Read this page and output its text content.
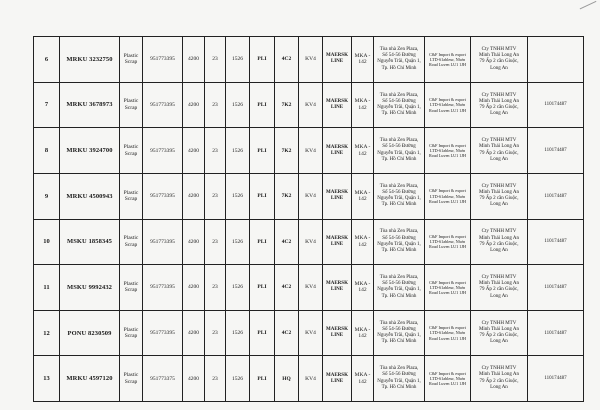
6	MRKU 3232750	Plastic
Scrap	951773395	4200	23	1526	PLI	4C2	KV4	MAERSK
LINE	MKA -
142	Tòa nhà Zen Plaza,
Số 54-56 Đường
Nguyễn Trãi, Quận 1,
Tp. Hồ Chí Minh	C&F Import & export
LTD-61ableur, Nhơn
Road Luven LU1 1JH	Cty TNHH MTV
Minh Thái Long An
79 Ấp 2 cần Giuộc,
Long An	
7	MRKU 3678973	Plastic
Scrap	951773395	4200	23	1526	PLI	7K2	KV4	MAERSK
LINE	MKA -
142	Tòa nhà Zen Plaza,
Số 54-56 Đường
Nguyễn Trãi, Quận 1,
Tp. Hồ Chí Minh	C&F Import & export
LTD-61ableur, Nhơn
Road Luven LU1 1JH	Cty TNHH MTV
Minh Thái Long An
79 Ấp 2 cần Giuộc,
Long An	110174487
8	MRKU 3924700	Plastic
Scrap	951773395	4200	23	1526	PLI	7K2	KV4	MAERSK
LINE	MKA -
142	Tòa nhà Zen Plaza,
Số 54-56 Đường
Nguyễn Trãi, Quận 1,
Tp. Hồ Chí Minh	C&F Import & export
LTD-61ableur, Nhơn
Road Luven LU1 1JH	Cty TNHH MTV
Minh Thái Long An
79 Ấp 2 cần Giuộc,
Long An	110174487
9	MRKU 4500943	Plastic
Scrap	951773395	4200	23	1526	PLI	7K2	KV4	MAERSK
LINE	MKA -
142	Tòa nhà Zen Plaza,
Số 54-56 Đường
Nguyễn Trãi, Quận 1,
Tp. Hồ Chí Minh	C&F Import & export
LTD-61ableur, Nhơn
Road Luven LU1 1JH	Cty TNHH MTV
Minh Thái Long An
79 Ấp 2 cần Giuộc,
Long An	110174487
10	MSKU 1858345	Plastic
Scrap	951773395	4200	23	1526	PLI	4C2	KV4	MAERSK
LINE	MKA -
142	Tòa nhà Zen Plaza,
Số 54-56 Đường
Nguyễn Trãi, Quận 1,
Tp. Hồ Chí Minh	C&F Import & export
LTD-61ableur, Nhơn
Road Luven LU1 1JH	Cty TNHH MTV
Minh Thái Long An
79 Ấp 2 cần Giuộc,
Long An	110174487
11	MSKU 9992432	Plastic
Scrap	951773395	4200	23	1526	PLI	4C2	KV4	MAERSK
LINE	MKA -
142	Tòa nhà Zen Plaza,
Số 54-56 Đường
Nguyễn Trãi, Quận 1,
Tp. Hồ Chí Minh	C&F Import & export
LTD-61ableur, Nhơn
Road Luven LU1 1JH	Cty TNHH MTV
Minh Thái Long An
79 Ấp 2 cần Giuộc,
Long An	110174487
12	PONU 8230509	Plastic
Scrap	951773395	4200	23	1526	PLI	4C2	KV4	MAERSK
LINE	MKA -
142	Tòa nhà Zen Plaza,
Số 54-56 Đường
Nguyễn Trãi, Quận 1,
Tp. Hồ Chí Minh	C&F Import & export
LTD-61ableur, Nhơn
Road Luven LU1 1JH	Cty TNHH MTV
Minh Thái Long An
79 Ấp 2 cần Giuộc,
Long An	110174487
13	MRKU 4597120	Plastic
Scrap	951773375	4200	23	1526	PLI	HQ	KV4	MAERSK
LINE	MKA -
142	Tòa nhà Zen Plaza,
Số 54-56 Đường
Nguyễn Trãi, Quận 1,
Tp. Hồ Chí Minh	C&F Import & export
LTD-61ableur, Nhơn
Road Luven LU1 1JH	Cty TNHH MTV
Minh Thái Long An
79 Ấp 2 cần Giuộc,
Long An	110174487
